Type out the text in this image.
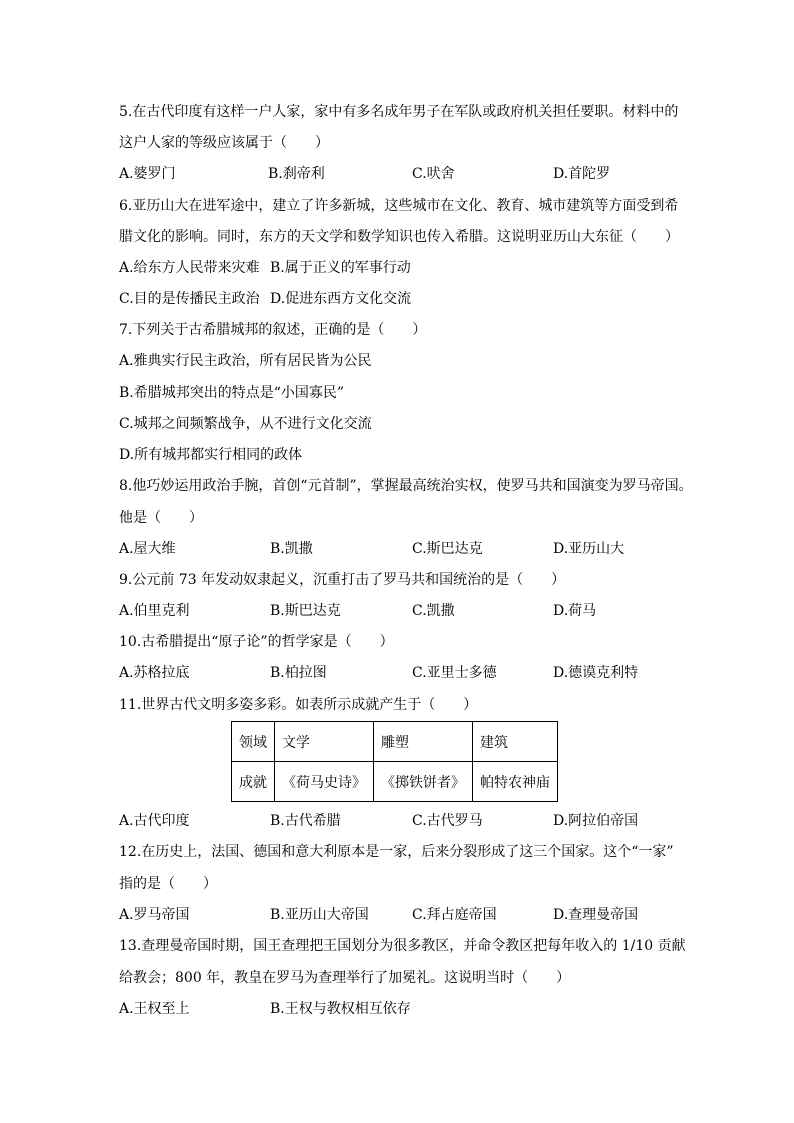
5.在古代印度有这样一户人家，家中有多名成年男子在军队或政府机关担任要职。材料中的
这户人家的等级应该属于（　　）
A.婆罗门	B.刹帝利	C.吠舍	D.首陀罗
6.亚历山大在进军途中，建立了许多新城，这些城市在文化、教育、城市建筑等方面受到希
腊文化的影响。同时，东方的天文学和数学知识也传入希腊。这说明亚历山大东征（　　）
A.给东方人民带来灾难 B.属于正义的军事行动
C.目的是传播民主政治 D.促进东西方文化交流
7.下列关于古希腊城邦的叙述，正确的是（　　）
A.雅典实行民主政治，所有居民皆为公民
B.希腊城邦突出的特点是“小国寡民”
C.城邦之间频繁战争，从不进行文化交流
D.所有城邦都实行相同的政体
8.他巧妙运用政治手腕，首创“元首制”，掌握最高统治实权，使罗马共和国演变为罗马帝国。
他是（　　）
A.屋大维	B.凯撒	C.斯巴达克	D.亚历山大
9.公元前 73 年发动奴隶起义，沉重打击了罗马共和国统治的是（　　）
A.伯里克利	B.斯巴达克	C.凯撒	D.荷马
10.古希腊提出“原子论”的哲学家是（　　）
A.苏格拉底	B.柏拉图	C.亚里士多德	D.德谟克利特
11.世界古代文明多姿多彩。如表所示成就产生于（　　）
领域	文学	雕塑	建筑
成就	《荷马史诗》	《掷铁饼者》	帕特农神庙
A.古代印度	B.古代希腊	C.古代罗马	D.阿拉伯帝国
12.在历史上，法国、德国和意大利原本是一家，后来分裂形成了这三个国家。这个“一家”
指的是（　　）
A.罗马帝国	B.亚历山大帝国	C.拜占庭帝国	D.查理曼帝国
13.查理曼帝国时期，国王查理把王国划分为很多教区，并命令教区把每年收入的 1/10 贡献
给教会；800 年，教皇在罗马为查理举行了加冕礼。这说明当时（　　）
A.王权至上	B.王权与教权相互依存
